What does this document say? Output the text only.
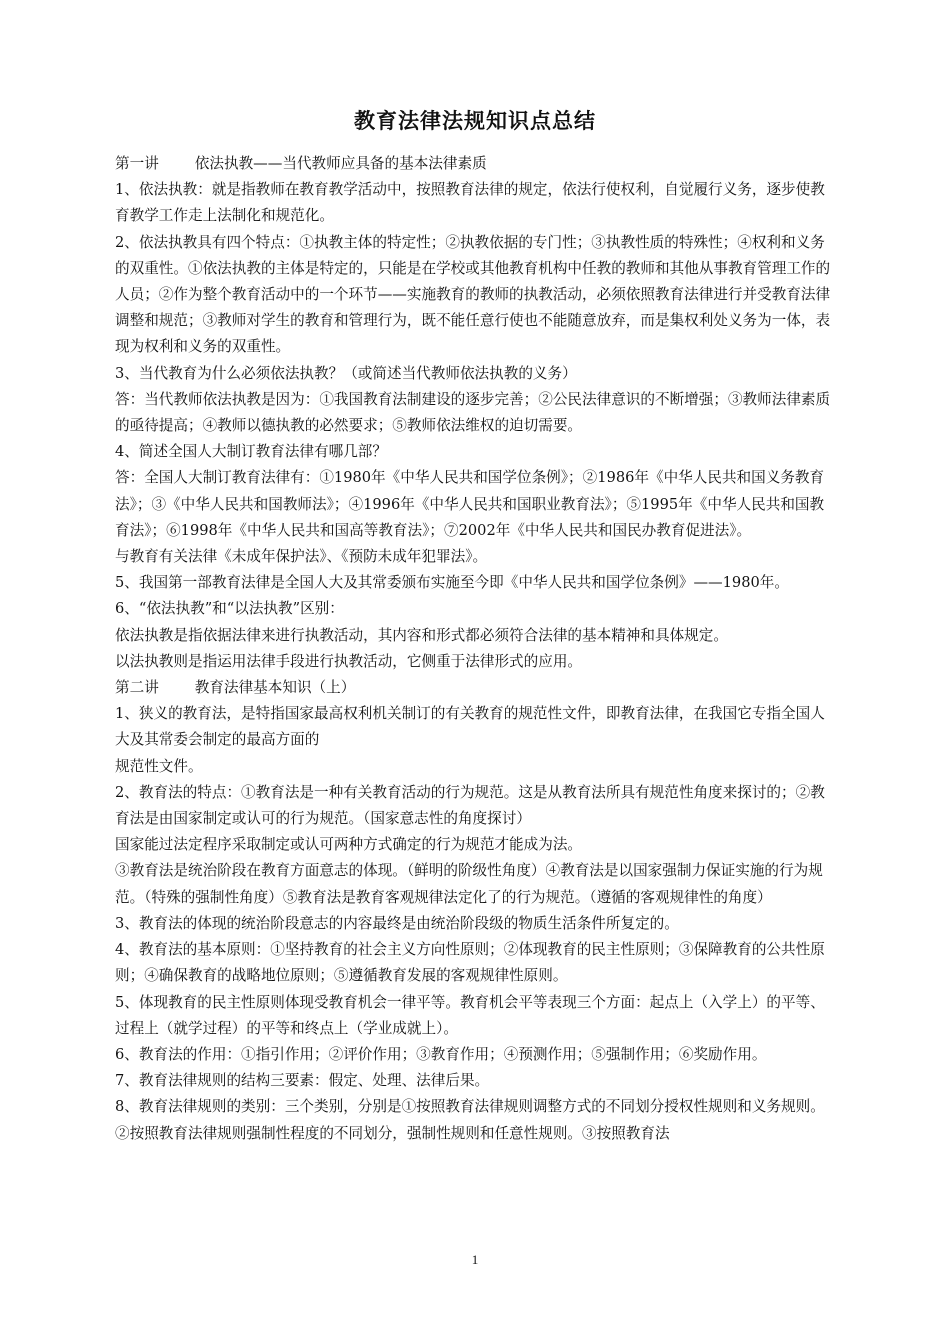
教育法律法规知识点总结

第一讲 依法执教——当代教师应具备的基本法律素质

1、依法执教：就是指教师在教育教学活动中，按照教育法律的规定，依法行使权利，自觉履行义务，逐步使教育教学工作走上法制化和规范化。

2、依法执教具有四个特点：①执教主体的特定性；②执教依据的专门性；③执教性质的特殊性；④权利和义务的双重性。①依法执教的主体是特定的，只能是在学校或其他教育机构中任教的教师和其他从事教育管理工作的人员；②作为整个教育活动中的一个环节——实施教育的教师的执教活动，必须依照教育法律进行并受教育法律调整和规范；③教师对学生的教育和管理行为，既不能任意行使也不能随意放弃，而是集权利处义务为一体，表现为权利和义务的双重性。

3、当代教育为什么必须依法执教？（或简述当代教师依法执教的义务）

答：当代教师依法执教是因为：①我国教育法制建设的逐步完善；②公民法律意识的不断增强；③教师法律素质的亟待提高；④教师以德执教的必然要求；⑤教师依法维权的迫切需要。

4、简述全国人大制订教育法律有哪几部？

答：全国人大制订教育法律有：①1980年《中华人民共和国学位条例》；②1986年《中华人民共和国义务教育法》；③《中华人民共和国教师法》；④1996年《中华人民共和国职业教育法》；⑤1995年《中华人民共和国教育法》；⑥1998年《中华人民共和国高等教育法》；⑦2002年《中华人民共和国民办教育促进法》。

与教育有关法律《未成年保护法》、《预防未成年犯罪法》。

5、我国第一部教育法律是全国人大及其常委颁布实施至今即《中华人民共和国学位条例》——1980年。

6、“依法执教”和“以法执教”区别：

依法执教是指依据法律来进行执教活动，其内容和形式都必须符合法律的基本精神和具体规定。

以法执教则是指运用法律手段进行执教活动，它侧重于法律形式的应用。

第二讲 教育法律基本知识（上）

1、狭义的教育法，是特指国家最高权利机关制订的有关教育的规范性文件，即教育法律，在我国它专指全国人大及其常委会制定的最高方面的

规范性文件。

2、教育法的特点：①教育法是一种有关教育活动的行为规范。这是从教育法所具有规范性角度来探讨的；②教育法是由国家制定或认可的行为规范。（国家意志性的角度探讨）

国家能过法定程序采取制定或认可两种方式确定的行为规范才能成为法。

③教育法是统治阶段在教育方面意志的体现。（鲜明的阶级性角度）④教育法是以国家强制力保证实施的行为规范。（特殊的强制性角度）⑤教育法是教育客观规律法定化了的行为规范。（遵循的客观规律性的角度）

3、教育法的体现的统治阶段意志的内容最终是由统治阶段级的物质生活条件所复定的。

4、教育法的基本原则：①坚持教育的社会主义方向性原则；②体现教育的民主性原则；③保障教育的公共性原则；④确保教育的战略地位原则；⑤遵循教育发展的客观规律性原则。

5、体现教育的民主性原则体现受教育机会一律平等。教育机会平等表现三个方面：起点上（入学上）的平等、过程上（就学过程）的平等和终点上（学业成就上）。

6、教育法的作用：①指引作用；②评价作用；③教育作用；④预测作用；⑤强制作用；⑥奖励作用。

7、教育法律规则的结构三要素：假定、处理、法律后果。

8、教育法律规则的类别：三个类别，分别是①按照教育法律规则调整方式的不同划分授权性规则和义务规则。②按照教育法律规则强制性程度的不同划分，强制性规则和任意性规则。③按照教育法

1
